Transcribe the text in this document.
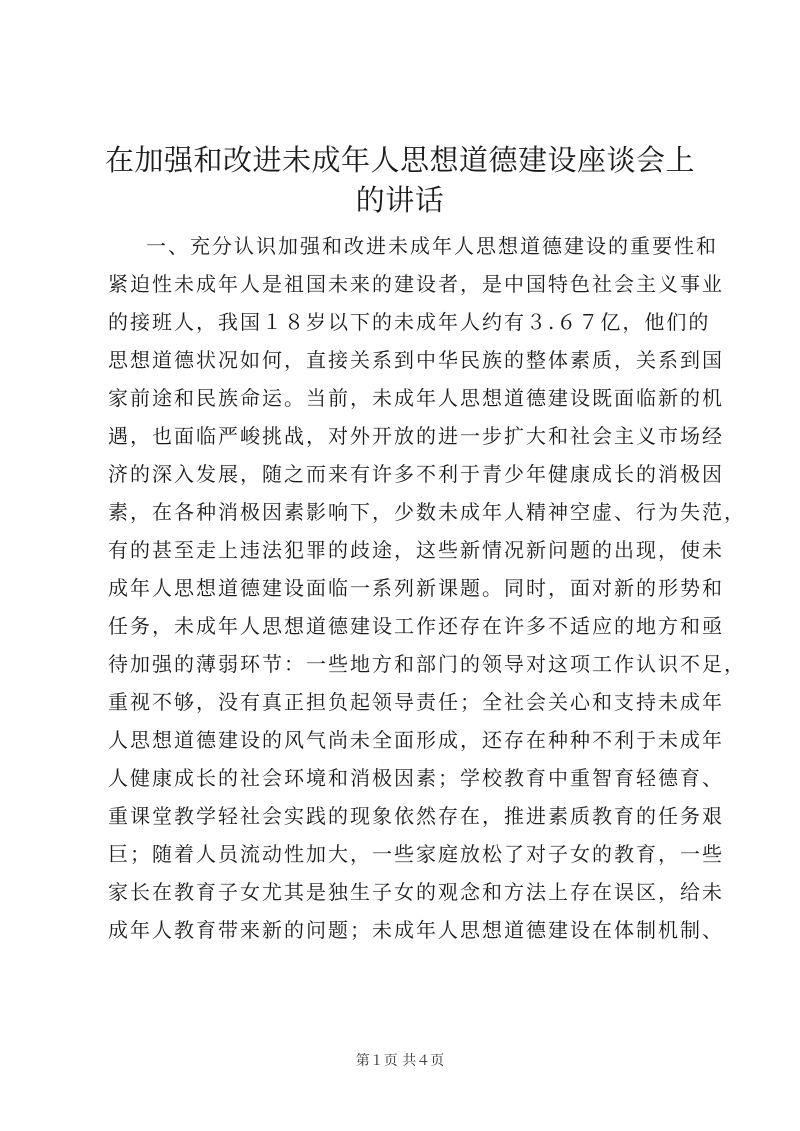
在加强和改进未成年人思想道德建设座谈会上
的讲话

一、充分认识加强和改进未成年人思想道德建设的重要性和

紧迫性未成年人是祖国未来的建设者，是中国特色社会主义事业

的接班人，我国１８岁以下的未成年人约有３.６７亿，他们的

思想道德状况如何，直接关系到中华民族的整体素质，关系到国

家前途和民族命运。当前，未成年人思想道德建设既面临新的机

遇，也面临严峻挑战，对外开放的进一步扩大和社会主义市场经

济的深入发展，随之而来有许多不利于青少年健康成长的消极因

素，在各种消极因素影响下，少数未成年人精神空虚、行为失范，

有的甚至走上违法犯罪的歧途，这些新情况新问题的出现，使未

成年人思想道德建设面临一系列新课题。同时，面对新的形势和

任务，未成年人思想道德建设工作还存在许多不适应的地方和亟

待加强的薄弱环节：一些地方和部门的领导对这项工作认识不足，

重视不够，没有真正担负起领导责任；全社会关心和支持未成年

人思想道德建设的风气尚未全面形成，还存在种种不利于未成年

人健康成长的社会环境和消极因素；学校教育中重智育轻德育、

重课堂教学轻社会实践的现象依然存在，推进素质教育的任务艰

巨；随着人员流动性加大，一些家庭放松了对子女的教育，一些

家长在教育子女尤其是独生子女的观念和方法上存在误区，给未

成年人教育带来新的问题；未成年人思想道德建设在体制机制、

第１页 共４页
